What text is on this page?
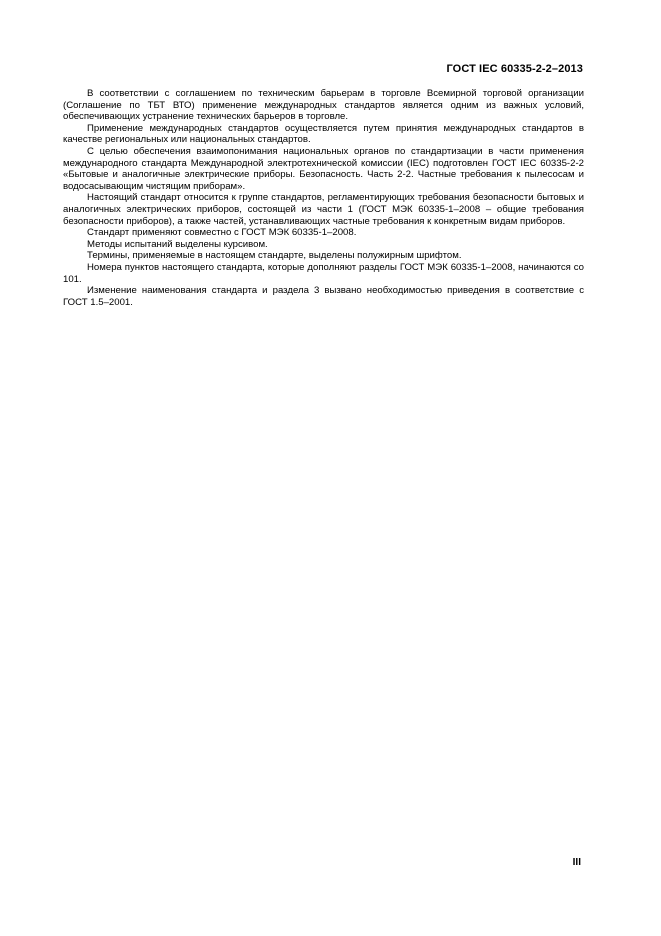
ГОСТ IEC 60335-2-2–2013

В соответствии с соглашением по техническим барьерам в торговле Всемирной торговой организации (Соглашение по ТБТ ВТО) применение международных стандартов является одним из важных условий, обеспечивающих устранение технических барьеров в торговле.

Применение международных стандартов осуществляется путем принятия международных стандартов в качестве региональных или национальных стандартов.

С целью обеспечения взаимопонимания национальных органов по стандартизации в части применения международного стандарта Международной электротехнической комиссии (IEC) подготовлен ГОСТ IEC 60335-2-2 «Бытовые и аналогичные электрические приборы. Безопасность. Часть 2-2. Частные требования к пылесосам и водосасывающим чистящим приборам».

Настоящий стандарт относится к группе стандартов, регламентирующих требования безопасности бытовых и аналогичных электрических приборов, состоящей из части 1 (ГОСТ МЭК 60335-1–2008 – общие требования безопасности приборов), а также частей, устанавливающих частные требования к конкретным видам приборов.

Стандарт применяют совместно с ГОСТ МЭК 60335-1–2008.

Методы испытаний выделены курсивом.

Термины, применяемые в настоящем стандарте, выделены полужирным шрифтом.

Номера пунктов настоящего стандарта, которые дополняют разделы ГОСТ МЭК 60335-1–2008, начинаются со 101.

Изменение наименования стандарта и раздела 3 вызвано необходимостью приведения в соответствие с ГОСТ 1.5–2001.

III
